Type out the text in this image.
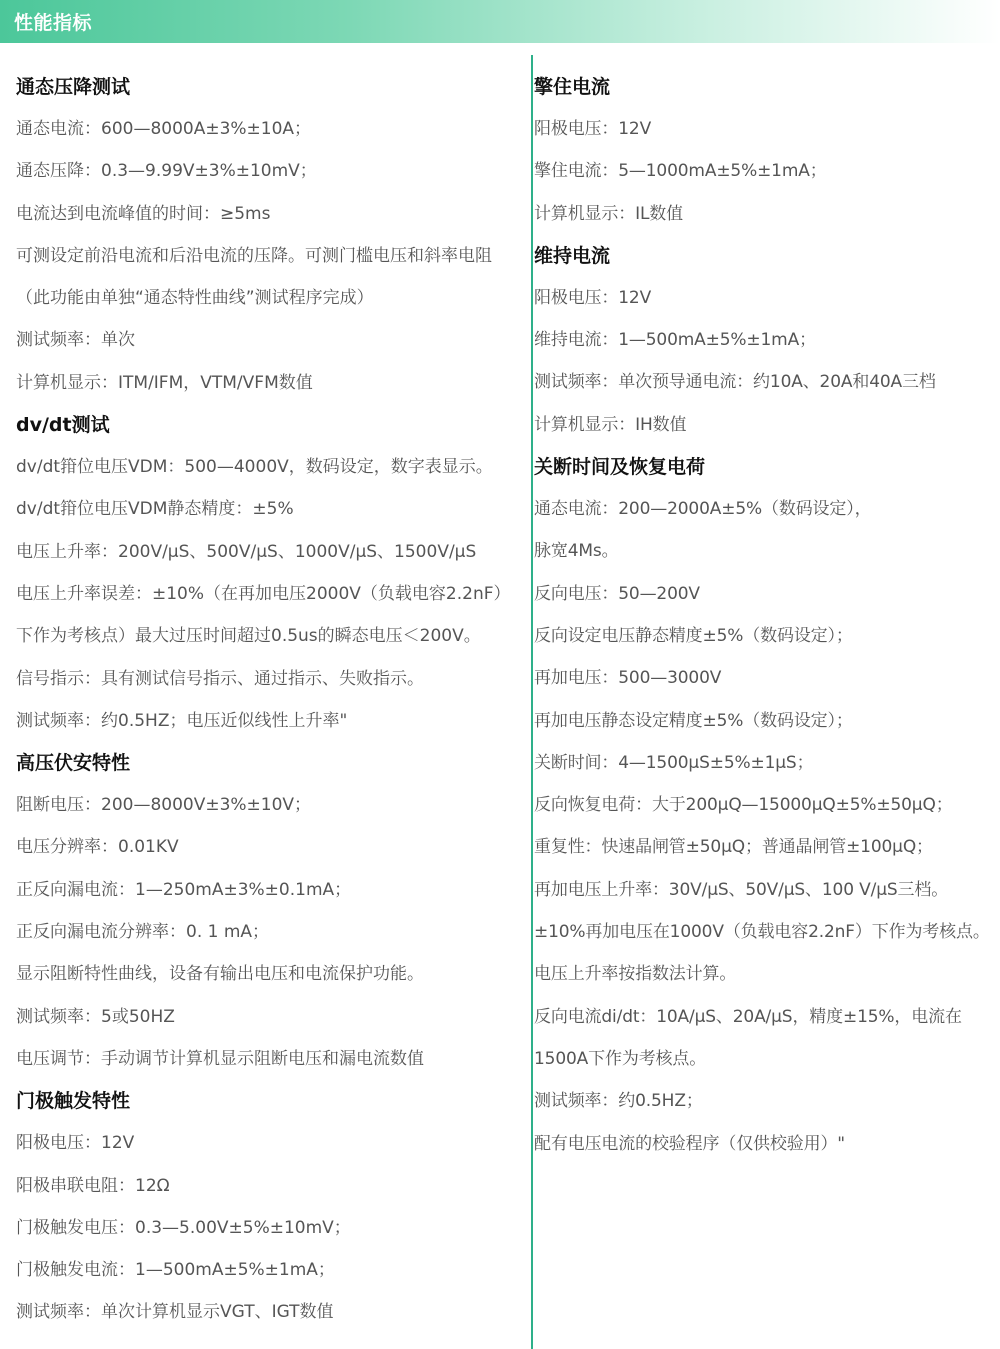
性能指标
通态压降测试
通态电流：600—8000A±3%±10A；
通态压降：0.3—9.99V±3%±10mV；
电流达到电流峰值的时间：≥5ms
可测设定前沿电流和后沿电流的压降。可测门槛电压和斜率电阻
（此功能由单独“通态特性曲线”测试程序完成）
测试频率：单次
计算机显示：ITM/IFM，VTM/VFM数值
dv/dt测试
dv/dt箝位电压VDM：500—4000V，数码设定，数字表显示。
dv/dt箝位电压VDM静态精度：±5%
电压上升率：200V/μS、500V/μS、1000V/μS、1500V/μS
电压上升率误差：±10%（在再加电压2000V（负载电容2.2nF）
下作为考核点）最大过压时间超过0.5us的瞬态电压＜200V。
信号指示：具有测试信号指示、通过指示、失败指示。
测试频率：约0.5HZ；电压近似线性上升率"
高压伏安特性
阻断电压：200—8000V±3%±10V；
电压分辨率：0.01KV
正反向漏电流：1—250mA±3%±0.1mA；
正反向漏电流分辨率：0. 1 mA；
显示阻断特性曲线，设备有输出电压和电流保护功能。
测试频率：5或50HZ
电压调节：手动调节计算机显示阻断电压和漏电流数值
门极触发特性
阳极电压：12V
阳极串联电阻：12Ω
门极触发电压：0.3—5.00V±5%±10mV；
门极触发电流：1—500mA±5%±1mA；
测试频率：单次计算机显示VGT、IGT数值
擎住电流
阳极电压：12V
擎住电流：5—1000mA±5%±1mA；
计算机显示：IL数值
维持电流
阳极电压：12V
维持电流：1—500mA±5%±1mA；
测试频率：单次预导通电流：约10A、20A和40A三档
计算机显示：IH数值
关断时间及恢复电荷
通态电流：200—2000A±5%（数码设定），
脉宽4Ms。
反向电压：50—200V
反向设定电压静态精度±5%（数码设定）；
再加电压：500—3000V
再加电压静态设定精度±5%（数码设定）；
关断时间：4—1500μS±5%±1μS；
反向恢复电荷：大于200μQ—15000μQ±5%±50μQ；
重复性：快速晶闸管±50μQ；普通晶闸管±100μQ；
再加电压上升率：30V/μS、50V/μS、100 V/μS三档。
±10%再加电压在1000V（负载电容2.2nF）下作为考核点。
电压上升率按指数法计算。
反向电流di/dt：10A/μS、20A/μS，精度±15%，电流在
1500A下作为考核点。
测试频率：约0.5HZ；
配有电压电流的校验程序（仅供校验用）"
